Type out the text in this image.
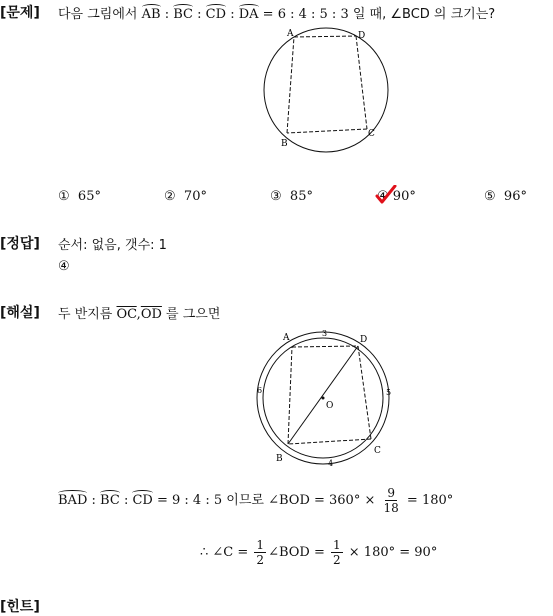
[문제] 다음 그림에서 AB : BC : CD : DA = 6 : 4 : 5 : 3 일 때, ∠BCD 의 크기는?
A	D
C
B
① 65°	② 70°	③ 85°	④ 90°	⑤ 96°
[정답] 순서: 없음, 갯수: 1
④
[해설] 두 반지름 $\overline{OC},\overline{OD}$ 를 그으면
A	D
C
B
O
3
5
4
6
BAD : BC : CD = 9 : 4 : 5 이므로 ∠BOD = $360^\circ \times \frac{9}{18} = 180^\circ$
∴ ∠C = $\frac{1}{2}$ ∠BOD = $\frac{1}{2} \times 180^\circ = 90^\circ$
[힌트]
